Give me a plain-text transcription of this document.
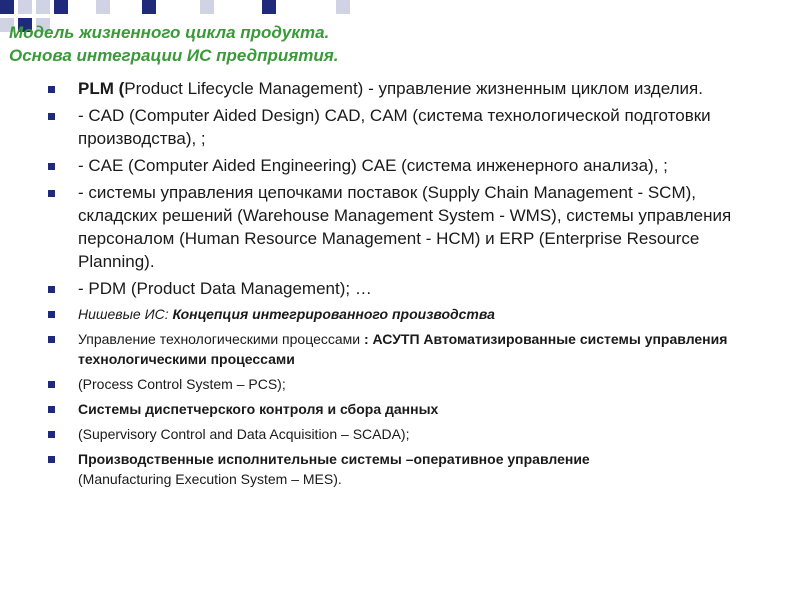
Модель жизненного цикла продукта.
Основа интеграции ИС предприятия.
PLM (Product Lifecycle Management) - управление жизненным циклом изделия.
- CAD (Computer Aided Design) CAD, CAM (система технологической подготовки производства), ;
- CAE (Computer Aided Engineering) CAE (система инженерного анализа), ;
- системы управления цепочками поставок (Supply Chain Management - SCM), складских решений (Warehouse Management System - WMS), системы управления персоналом (Human Resource Management - HCM) и ERP (Enterprise Resource Planning).
- PDM (Product Data Management); …
Нишевые ИС: Концепция интегрированного производства
Управление технологическими процессами : АСУТП Автоматизированные системы управления технологическими процессами
(Process Control System – PCS);
Системы диспетчерского контроля и сбора данных
(Supervisory Control and Data Acquisition – SCADA);
Производственные исполнительные системы –оперативное управление
(Manufacturing Execution System – MES).
